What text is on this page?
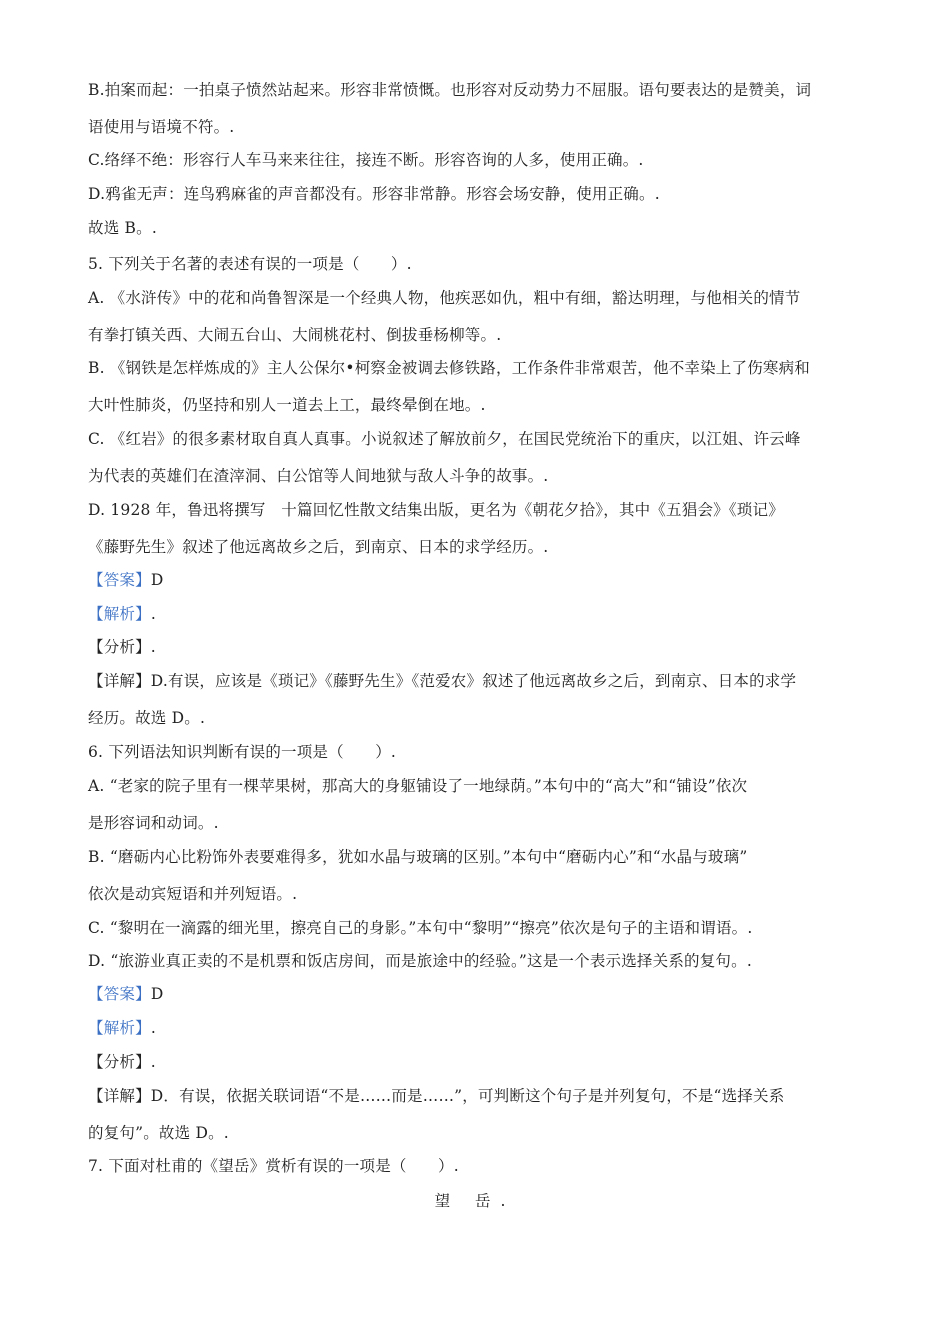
B.拍案而起：一拍桌子愤然站起来。形容非常愤慨。也形容对反动势力不屈服。语句要表达的是赞美，词
语使用与语境不符。.
C.络绎不绝：形容行人车马来来往往，接连不断。形容咨询的人多，使用正确。.
D.鸦雀无声：连鸟鸦麻雀的声音都没有。形容非常静。形容会场安静，使用正确。.
故选 B。.
5. 下列关于名著的表述有误的一项是（　　）.
A. 《水浒传》中的花和尚鲁智深是一个经典人物，他疾恶如仇，粗中有细，豁达明理，与他相关的情节
有拳打镇关西、大闹五台山、大闹桃花村、倒拔垂杨柳等。.
B. 《钢铁是怎样炼成的》主人公保尔•柯察金被调去修铁路，工作条件非常艰苦，他不幸染上了伤寒病和
大叶性肺炎，仍坚持和别人一道去上工，最终晕倒在地。.
C. 《红岩》的很多素材取自真人真事。小说叙述了解放前夕，在国民党统治下的重庆，以江姐、许云峰
为代表的英雄们在渣滓洞、白公馆等人间地狱与敌人斗争的故事。.
D. 1928 年，鲁迅将撰写　十篇回忆性散文结集出版，更名为《朝花夕拾》，其中《五猖会》《琐记》
《藤野先生》叙述了他远离故乡之后，到南京、日本的求学经历。.
【答案】D
【解析】.
【分析】.
【详解】D.有误，应该是《琐记》《藤野先生》《范爱农》叙述了他远离故乡之后，到南京、日本的求学
经历。故选 D。.
6. 下列语法知识判断有误的一项是（　　）.
A. “老家的院子里有一棵苹果树，那高大的身躯铺设了一地绿荫。”本句中的“高大”和“铺设”依次
是形容词和动词。.
B. “磨砺内心比粉饰外表要难得多，犹如水晶与玻璃的区别。”本句中“磨砺内心”和“水晶与玻璃”
依次是动宾短语和并列短语。.
C. “黎明在一滴露的细光里，擦亮自己的身影。”本句中“黎明”“擦亮”依次是句子的主语和谓语。.
D. “旅游业真正卖的不是机票和饭店房间，而是旅途中的经验。”这是一个表示选择关系的复句。.
【答案】D
【解析】.
【分析】.
【详解】D．有误，依据关联词语“不是……而是……”，可判断这个句子是并列复句，不是“选择关系
的复句”。故选 D。.
7. 下面对杜甫的《望岳》赏析有误的一项是（　　）.
望 岳.
